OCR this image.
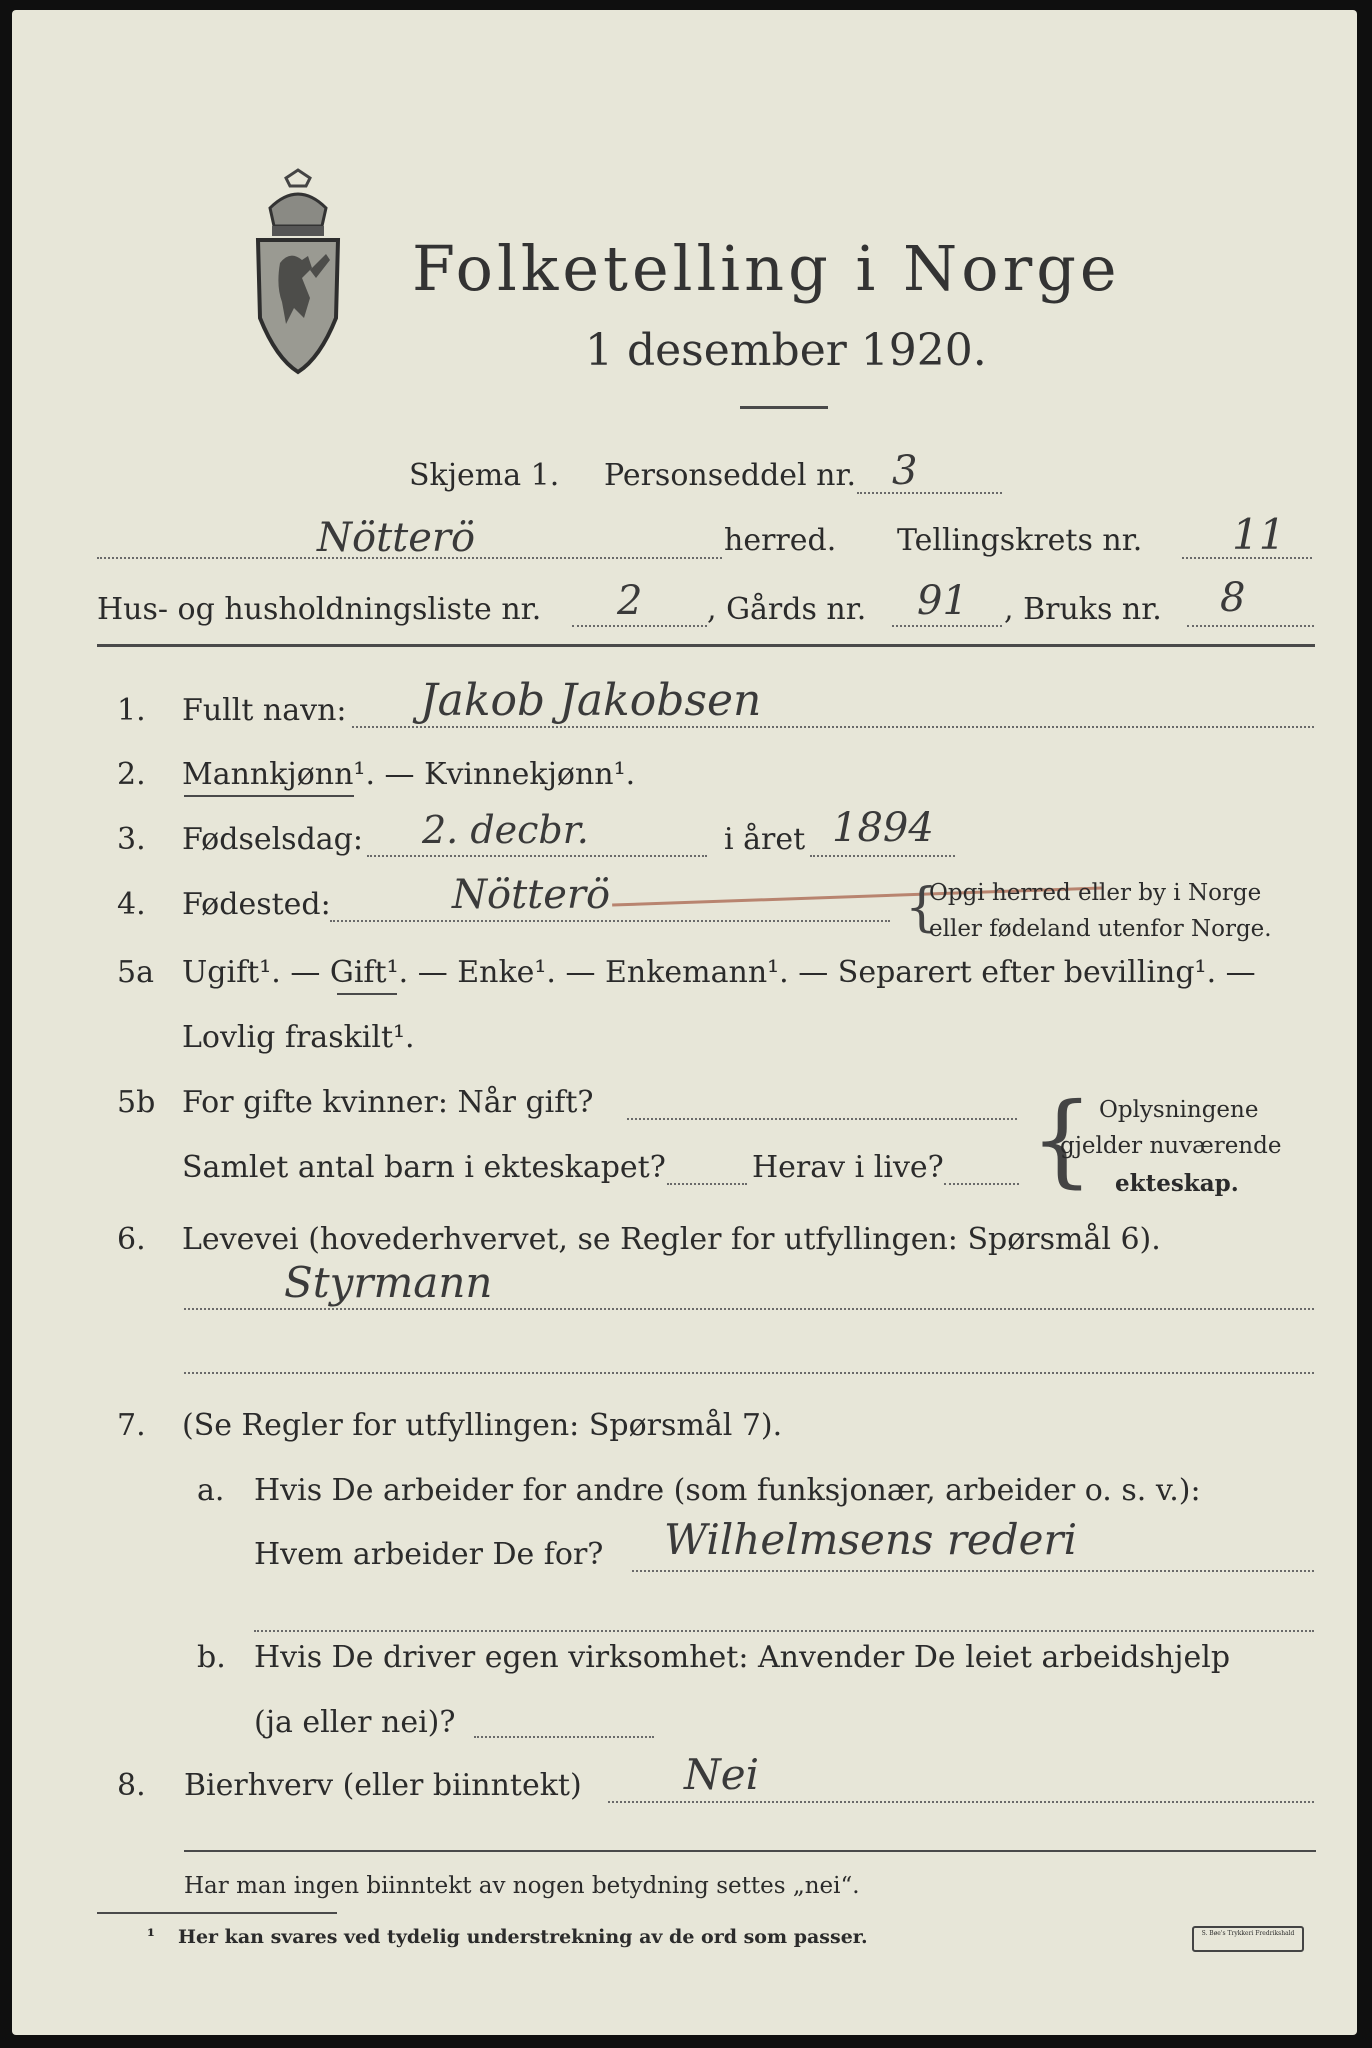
Folketelling i Norge
1 desember 1920.
Skjema 1. Personseddel nr. 3
Nötterö	herred. Tellingskrets nr. 11
Hus- og husholdningsliste nr. 2 , Gårds nr. 91 , Bruks nr. 8
1. Fullt navn: Jakob Jakobsen
2. Mannkjønn¹. — Kvinnekjønn¹.
3. Fødselsdag: 2. decbr.	i året 1894
4. Fødested:	Nötterö	{
Opgi herred eller by i Norge
eller fødeland utenfor Norge.
5a Ugift¹. — Gift¹. — Enke¹. — Enkemann¹. — Separert efter bevilling¹. —
Lovlig fraskilt¹.
5b For gifte kvinner: Når gift?
Samlet antal barn i ekteskapet?	Herav i live? { Oplysningene
gjelder nuværende
ekteskap.
6. Levevei (hovederhvervet, se Regler for utfyllingen: Spørsmål 6).
Styrmann
7. (Se Regler for utfyllingen: Spørsmål 7).
a. Hvis De arbeider for andre (som funksjonær, arbeider o. s. v.):
Hvem arbeider De for? Wilhelmsens rederi
b. Hvis De driver egen virksomhet: Anvender De leiet arbeidshjelp
(ja eller nei)?
8. Bierhverv (eller biinntekt) Nei
Har man ingen biinntekt av nogen betydning settes „nei“.
¹ Her kan svares ved tydelig understrekning av de ord som passer.	S. Bøe's Trykkeri Fredrikshald
